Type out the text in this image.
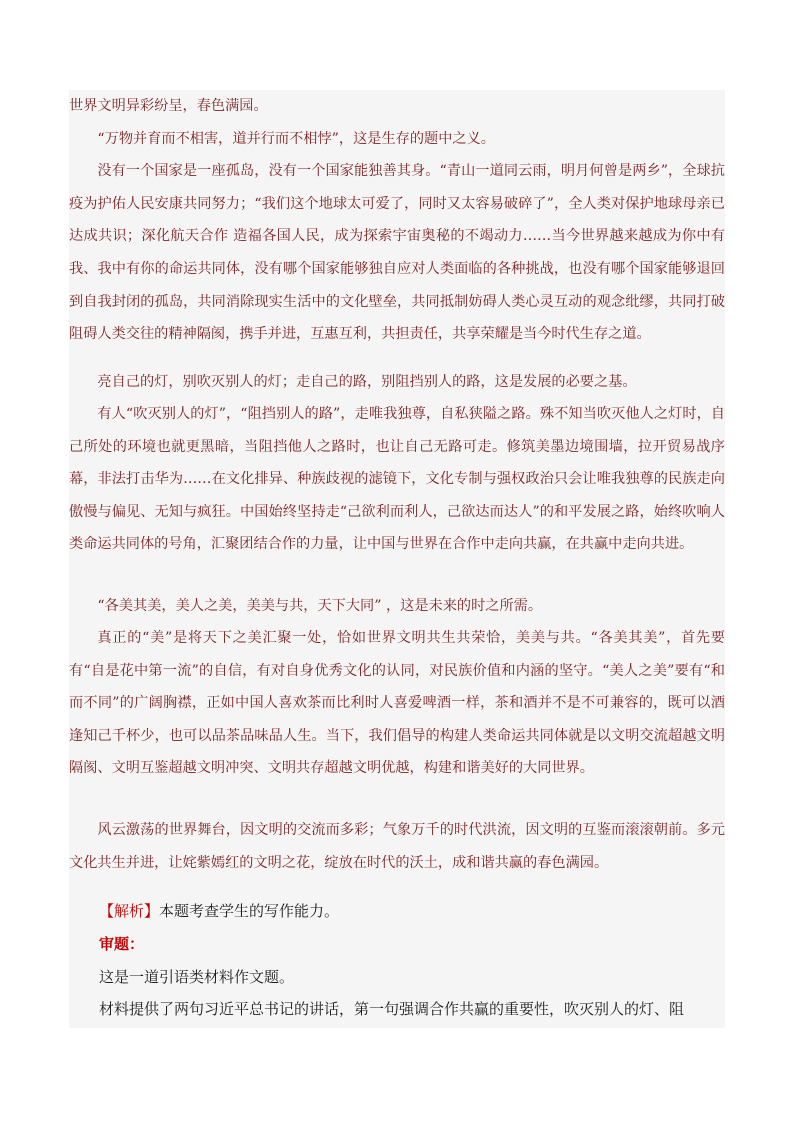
世界文明异彩纷呈，春色满园。

“万物并育而不相害，道并行而不相悖”，这是生存的题中之义。

没有一个国家是一座孤岛，没有一个国家能独善其身。“青山一道同云雨，明月何曾是两乡”，全球抗疫为护佑人民安康共同努力；“我们这个地球太可爱了，同时又太容易破碎了”，全人类对保护地球母亲已达成共识；深化航天合作 造福各国人民，成为探索宇宙奥秘的不竭动力……当今世界越来越成为你中有我、我中有你的命运共同体，没有哪个国家能够独自应对人类面临的各种挑战，也没有哪个国家能够退回到自我封闭的孤岛，共同消除现实生活中的文化壁垒，共同抵制妨碍人类心灵互动的观念纰缪，共同打破阻碍人类交往的精神隔阂，携手并进，互惠互利，共担责任，共享荣耀是当今时代生存之道。

亮自己的灯，别吹灭别人的灯；走自己的路，别阻挡别人的路，这是发展的必要之基。

有人“吹灭别人的灯”，“阻挡别人的路”，走唯我独尊，自私狭隘之路。殊不知当吹灭他人之灯时，自己所处的环境也就更黑暗，当阻挡他人之路时，也让自己无路可走。修筑美墨边境围墙，拉开贸易战序幕，非法打击华为……在文化排异、种族歧视的滤镜下，文化专制与强权政治只会让唯我独尊的民族走向傲慢与偏见、无知与疯狂。中国始终坚持走“己欲利而利人，己欲达而达人”的和平发展之路，始终吹响人类命运共同体的号角，汇聚团结合作的力量，让中国与世界在合作中走向共赢，在共赢中走向共进。

“各美其美，美人之美，美美与共，天下大同” ，这是未来的时之所需。

真正的“美”是将天下之美汇聚一处，恰如世界文明共生共荣恰，美美与共。“各美其美”，首先要有“自是花中第一流”的自信，有对自身优秀文化的认同，对民族价值和内涵的坚守。“美人之美”要有“和而不同”的广阔胸襟，正如中国人喜欢茶而比利时人喜爱啤酒一样，茶和酒并不是不可兼容的，既可以酒逢知己千杯少，也可以品茶品味品人生。当下，我们倡导的构建人类命运共同体就是以文明交流超越文明隔阂、文明互鉴超越文明冲突、文明共存超越文明优越，构建和谐美好的大同世界。

风云激荡的世界舞台，因文明的交流而多彩；气象万千的时代洪流，因文明的互鉴而滚滚朝前。多元文化共生并进，让姹紫嫣红的文明之花，绽放在时代的沃土，成和谐共赢的春色满园。

【解析】本题考查学生的写作能力。

审题：

这是一道引语类材料作文题。

材料提供了两句习近平总书记的讲话，第一句强调合作共赢的重要性，吹灭别人的灯、阻
